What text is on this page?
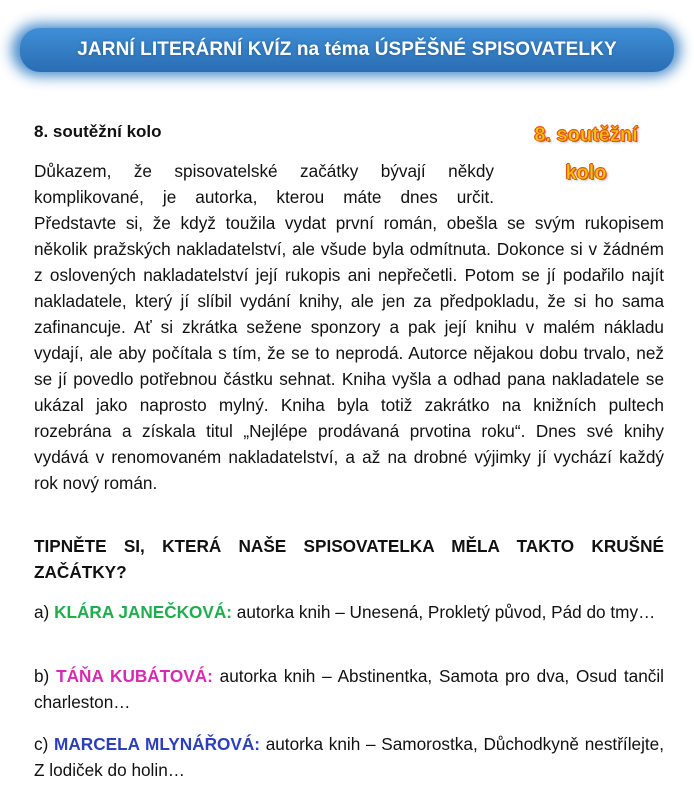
JARNÍ LITERÁRNÍ KVÍZ na téma ÚSPĚŠNÉ SPISOVATELKY
8. soutěžní kolo	8. soutěžní
kolo

Důkazem, že spisovatelské začátky bývají někdy
komplikované, je autorka, kterou máte dnes určit.
Představte si, že když toužila vydat první román, obešla se svým rukopisem několik pražských nakladatelství, ale všude byla odmítnuta. Dokonce si v žádném z oslovených nakladatelství její rukopis ani nepřečetli. Potom se jí podařilo najít nakladatele, který jí slíbil vydání knihy, ale jen za předpokladu, že si ho sama zafinancuje. Ať si zkrátka sežene sponzory a pak její knihu v malém nákladu vydají, ale aby počítala s tím, že se to neprodá. Autorce nějakou dobu trvalo, než se jí povedlo potřebnou částku sehnat. Kniha vyšla a odhad pana nakladatele se ukázal jako naprosto mylný. Kniha byla totiž zakrátko na knižních pultech rozebrána a získala titul „Nejlépe prodávaná prvotina roku“. Dnes své knihy vydává v renomovaném nakladatelství, a až na drobné výjimky jí vychází každý rok nový román.

TIPNĚTE SI, KTERÁ NAŠE SPISOVATELKA MĚLA TAKTO KRUŠNÉ ZAČÁTKY?

a) KLÁRA JANEČKOVÁ: autorka knih – Unesená, Prokletý původ, Pád do tmy…

b) TÁŇA KUBÁTOVÁ: autorka knih – Abstinentka, Samota pro dva, Osud tančil charleston…

c) MARCELA MLYNÁŘOVÁ: autorka knih – Samorostka, Důchodkyně nestřílejte, Z lodiček do holin…
